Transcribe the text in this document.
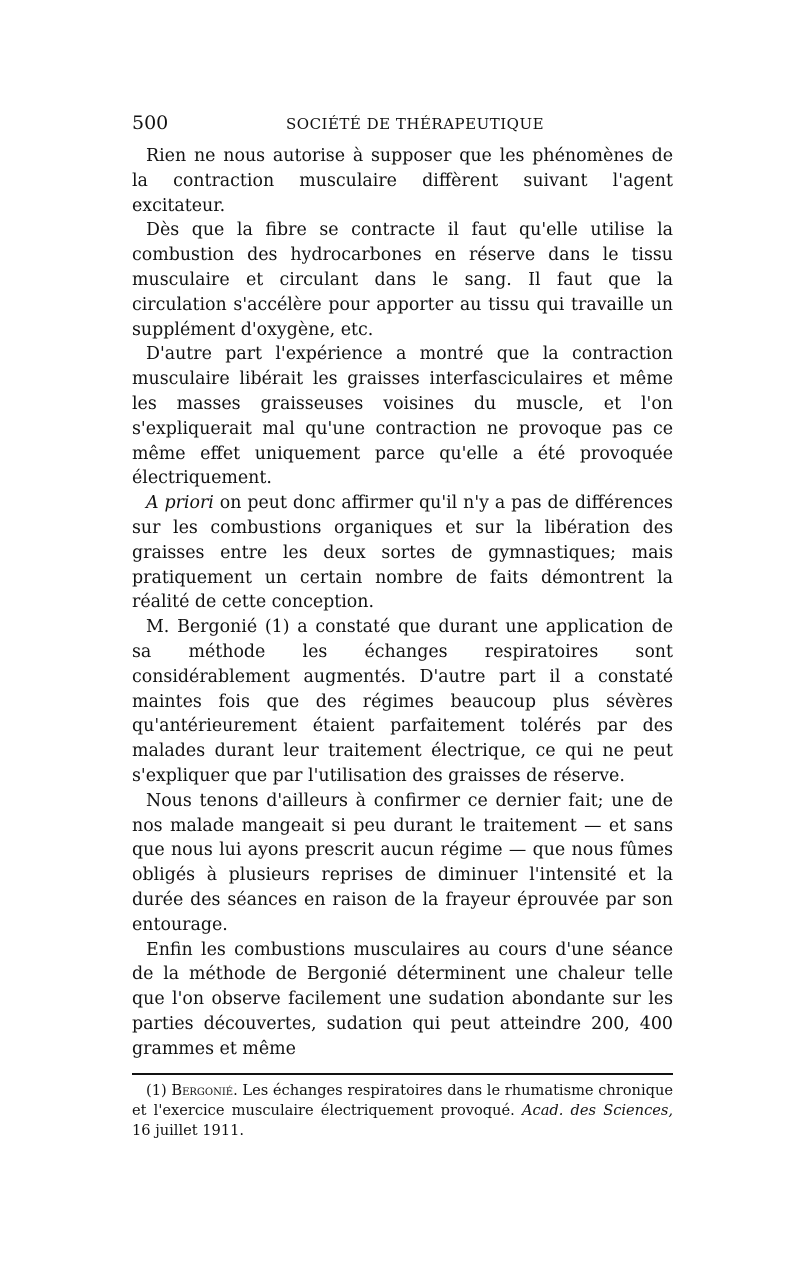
500	SOCIÉTÉ DE THÉRAPEUTIQUE

Rien ne nous autorise à supposer que les phénomènes de la contraction musculaire diffèrent suivant l'agent excitateur.

Dès que la fibre se contracte il faut qu'elle utilise la combustion des hydrocarbones en réserve dans le tissu musculaire et circulant dans le sang. Il faut que la circulation s'accélère pour apporter au tissu qui travaille un supplément d'oxygène, etc.

D'autre part l'expérience a montré que la contraction musculaire libérait les graisses interfasciculaires et même les masses graisseuses voisines du muscle, et l'on s'expliquerait mal qu'une contraction ne provoque pas ce même effet uniquement parce qu'elle a été provoquée électriquement.

A priori on peut donc affirmer qu'il n'y a pas de différences sur les combustions organiques et sur la libération des graisses entre les deux sortes de gymnastiques; mais pratiquement un certain nombre de faits démontrent la réalité de cette conception.

M. Bergonié (1) a constaté que durant une application de sa méthode les échanges respiratoires sont considérablement augmentés. D'autre part il a constaté maintes fois que des régimes beaucoup plus sévères qu'antérieurement étaient parfaitement tolérés par des malades durant leur traitement électrique, ce qui ne peut s'expliquer que par l'utilisation des graisses de réserve.

Nous tenons d'ailleurs à confirmer ce dernier fait; une de nos malade mangeait si peu durant le traitement — et sans que nous lui ayons prescrit aucun régime — que nous fûmes obligés à plusieurs reprises de diminuer l'intensité et la durée des séances en raison de la frayeur éprouvée par son entourage.

Enfin les combustions musculaires au cours d'une séance de la méthode de Bergonié déterminent une chaleur telle que l'on observe facilement une sudation abondante sur les parties découvertes, sudation qui peut atteindre 200, 400 grammes et même

(1) Bergonié. Les échanges respiratoires dans le rhumatisme chronique et l'exercice musculaire électriquement provoqué. Acad. des Sciences, 16 juillet 1911.
